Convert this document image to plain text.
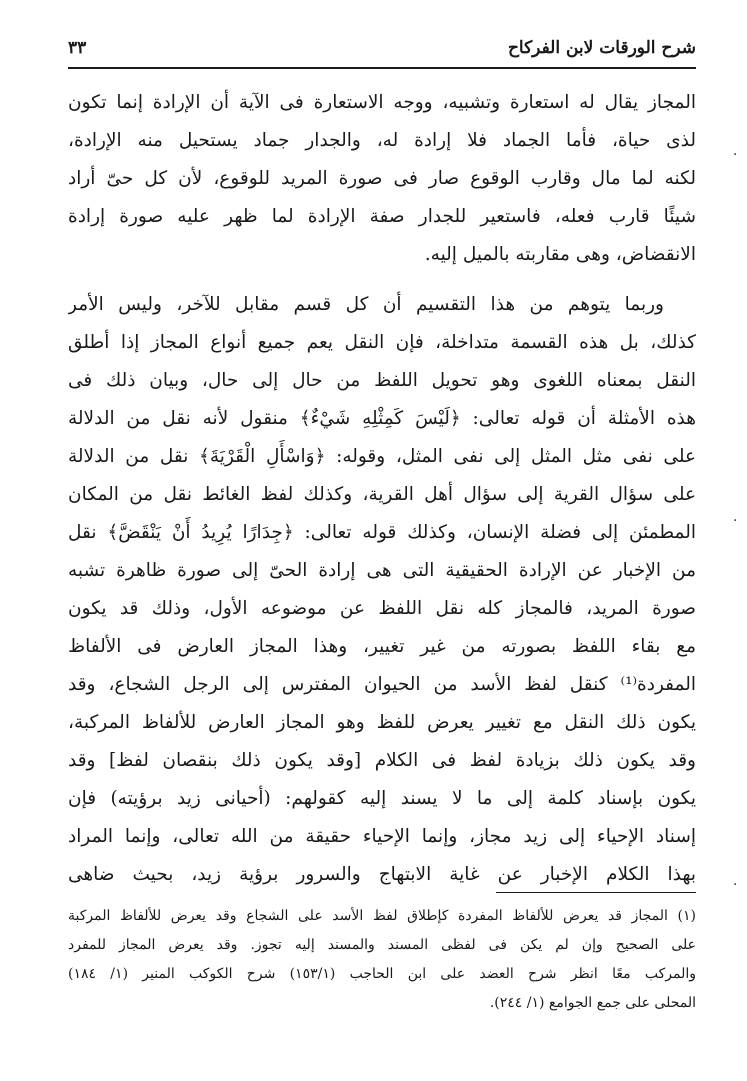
شرح الورقات لابن الفركاح
٣٣
المجاز يقال له استعارة وتشبيه، ووجه الاستعارة فى الآية أن الإرادة إنما تكون
لذى حياة، فأما الجماد فلا إرادة له، والجدار جماد يستحيل منه الإرادة،
لكنه لما مال وقارب الوقوع صار فى صورة المريد للوقوع، لأن كل حىّ أراد
شيئًا قارب فعله، فاستعير للجدار صفة الإرادة لما ظهر عليه صورة إرادة
الانقضاض، وهى مقاربته بالميل إليه.
وربما يتوهم من هذا التقسيم أن كل قسم مقابل للآخر، وليس الأمر
كذلك، بل هذه القسمة متداخلة، فإن النقل يعم جميع أنواع المجاز إذا أطلق
النقل بمعناه اللغوى وهو تحويل اللفظ من حال إلى حال، وبيان ذلك فى
هذه الأمثلة أن قوله تعالى: ﴿لَيْسَ كَمِثْلِهِ شَيْءٌ﴾ منقول لأنه نقل من الدلالة
على نفى مثل المثل إلى نفى المثل، وقوله: ﴿وَاسْأَلِ الْقَرْيَةَ﴾ نقل من الدلالة
على سؤال القرية إلى سؤال أهل القرية، وكذلك لفظ الغائط نقل من المكان
المطمئن إلى فضلة الإنسان، وكذلك قوله تعالى: ﴿جِدَارًا يُرِيدُ أَنْ يَنْقَضَّ﴾ نقل
من الإخبار عن الإرادة الحقيقية التى هى إرادة الحىّ إلى صورة ظاهرة تشبه
صورة المريد، فالمجاز كله نقل اللفظ عن موضوعه الأول، وذلك قد يكون
مع بقاء اللفظ بصورته من غير تغيير، وهذا المجاز العارض فى الألفاظ
المفردة⁽¹⁾ كنقل لفظ الأسد من الحيوان المفترس إلى الرجل الشجاع، وقد
يكون ذلك النقل مع تغيير يعرض للفظ وهو المجاز العارض للألفاظ المركبة،
وقد يكون ذلك بزيادة لفظ فى الكلام [وقد يكون ذلك بنقصان لفظ] وقد
يكون بإسناد كلمة إلى ما لا يسند إليه كقولهم: (أحيانى زيد برؤيته) فإن
إسناد الإحياء إلى زيد مجاز، وإنما الإحياء حقيقة من الله تعالى، وإنما المراد
بهذا الكلام الإخبار عن غاية الابتهاج والسرور برؤية زيد، بحيث ضاهى
(١) المجاز قد يعرض للألفاظ المفردة كإطلاق لفظ الأسد على الشجاع وقد يعرض للألفاظ المركبة
على الصحيح وإن لم يكن فى لفظى المسند والمسند إليه تجوز. وقد يعرض المجاز للمفرد
والمركب معًا انظر شرح العضد على ابن الحاجب (١٥٣/١) شرح الكوكب المنير (١/ ١٨٤)
المحلى على جمع الجوامع (١/ ٢٤٤).
·
·
·
